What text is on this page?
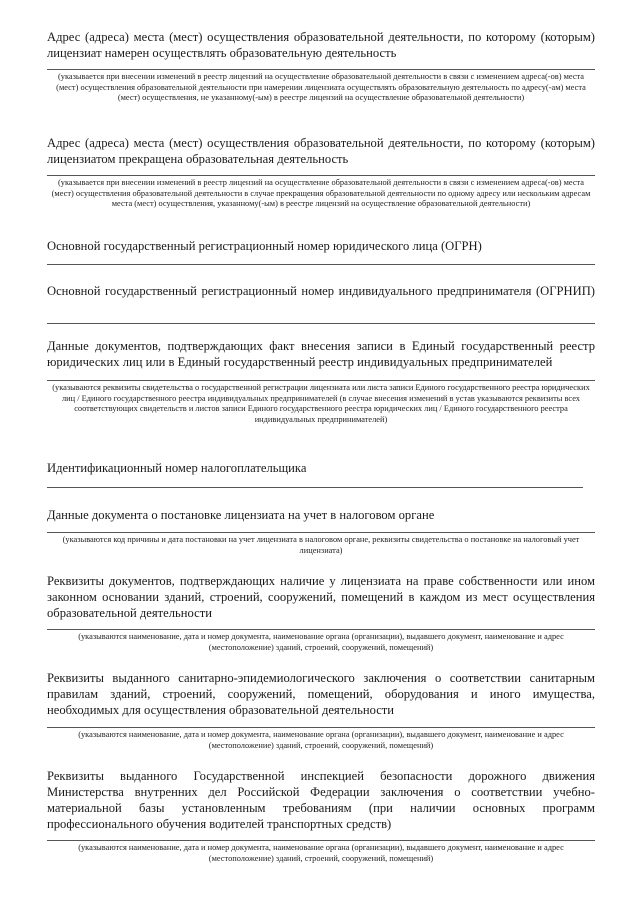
Адрес (адреса) места (мест) осуществления образовательной деятельности, по которому (которым) лицензиат намерен осуществлять образовательную деятельность
(указывается при внесении изменений в реестр лицензий на осуществление образовательной деятельности в связи с изменением адреса(-ов) места (мест) осуществления образовательной деятельности при намерении лицензиата осуществлять образовательную деятельность по адресу(-ам) места (мест) осуществления, не указанному(-ым) в реестре лицензий на осуществление образовательной деятельности)
Адрес (адреса) места (мест) осуществления образовательной деятельности, по которому (которым) лицензиатом прекращена образовательная деятельность
(указывается при внесении изменений в реестр лицензий на осуществление образовательной деятельности в связи с изменением адреса(-ов) места (мест) осуществления образовательной деятельности в случае прекращения образовательной деятельности по одному адресу или нескольким адресам места (мест) осуществления, указанному(-ым) в реестре лицензий на осуществление образовательной деятельности)
Основной государственный регистрационный номер юридического лица (ОГРН)
Основной государственный регистрационный номер индивидуального предпринимателя (ОГРНИП)
Данные документов, подтверждающих факт внесения записи в Единый государственный реестр юридических лиц или в Единый государственный реестр индивидуальных предпринимателей
(указываются реквизиты свидетельства о государственной регистрации лицензиата или листа записи Единого государственного реестра юридических лиц / Единого государственного реестра индивидуальных предпринимателей (в случае внесения изменений в устав указываются реквизиты всех соответствующих свидетельств и листов записи Единого государственного реестра юридических лиц / Единого государственного реестра индивидуальных предпринимателей)
Идентификационный номер налогоплательщика
Данные документа о постановке лицензиата на учет в налоговом органе
(указываются код причины и дата постановки на учет лицензиата в налоговом органе, реквизиты свидетельства о постановке на налоговый учет лицензиата)
Реквизиты документов, подтверждающих наличие у лицензиата на праве собственности или ином законном основании зданий, строений, сооружений, помещений в каждом из мест осуществления образовательной деятельности
(указываются наименование, дата и номер документа, наименование органа (организации), выдавшего документ, наименование и адрес (местоположение) зданий, строений, сооружений, помещений)
Реквизиты выданного санитарно-эпидемиологического заключения о соответствии санитарным правилам зданий, строений, сооружений, помещений, оборудования и иного имущества, необходимых для осуществления образовательной деятельности
(указываются наименование, дата и номер документа, наименование органа (организации), выдавшего документ, наименование и адрес (местоположение) зданий, строений, сооружений, помещений)
Реквизиты выданного Государственной инспекцией безопасности дорожного движения Министерства внутренних дел Российской Федерации заключения о соответствии учебно-материальной базы установленным требованиям (при наличии основных программ профессионального обучения водителей транспортных средств)
(указываются наименование, дата и номер документа, наименование органа (организации), выдавшего документ, наименование и адрес (местоположение) зданий, строений, сооружений, помещений)
